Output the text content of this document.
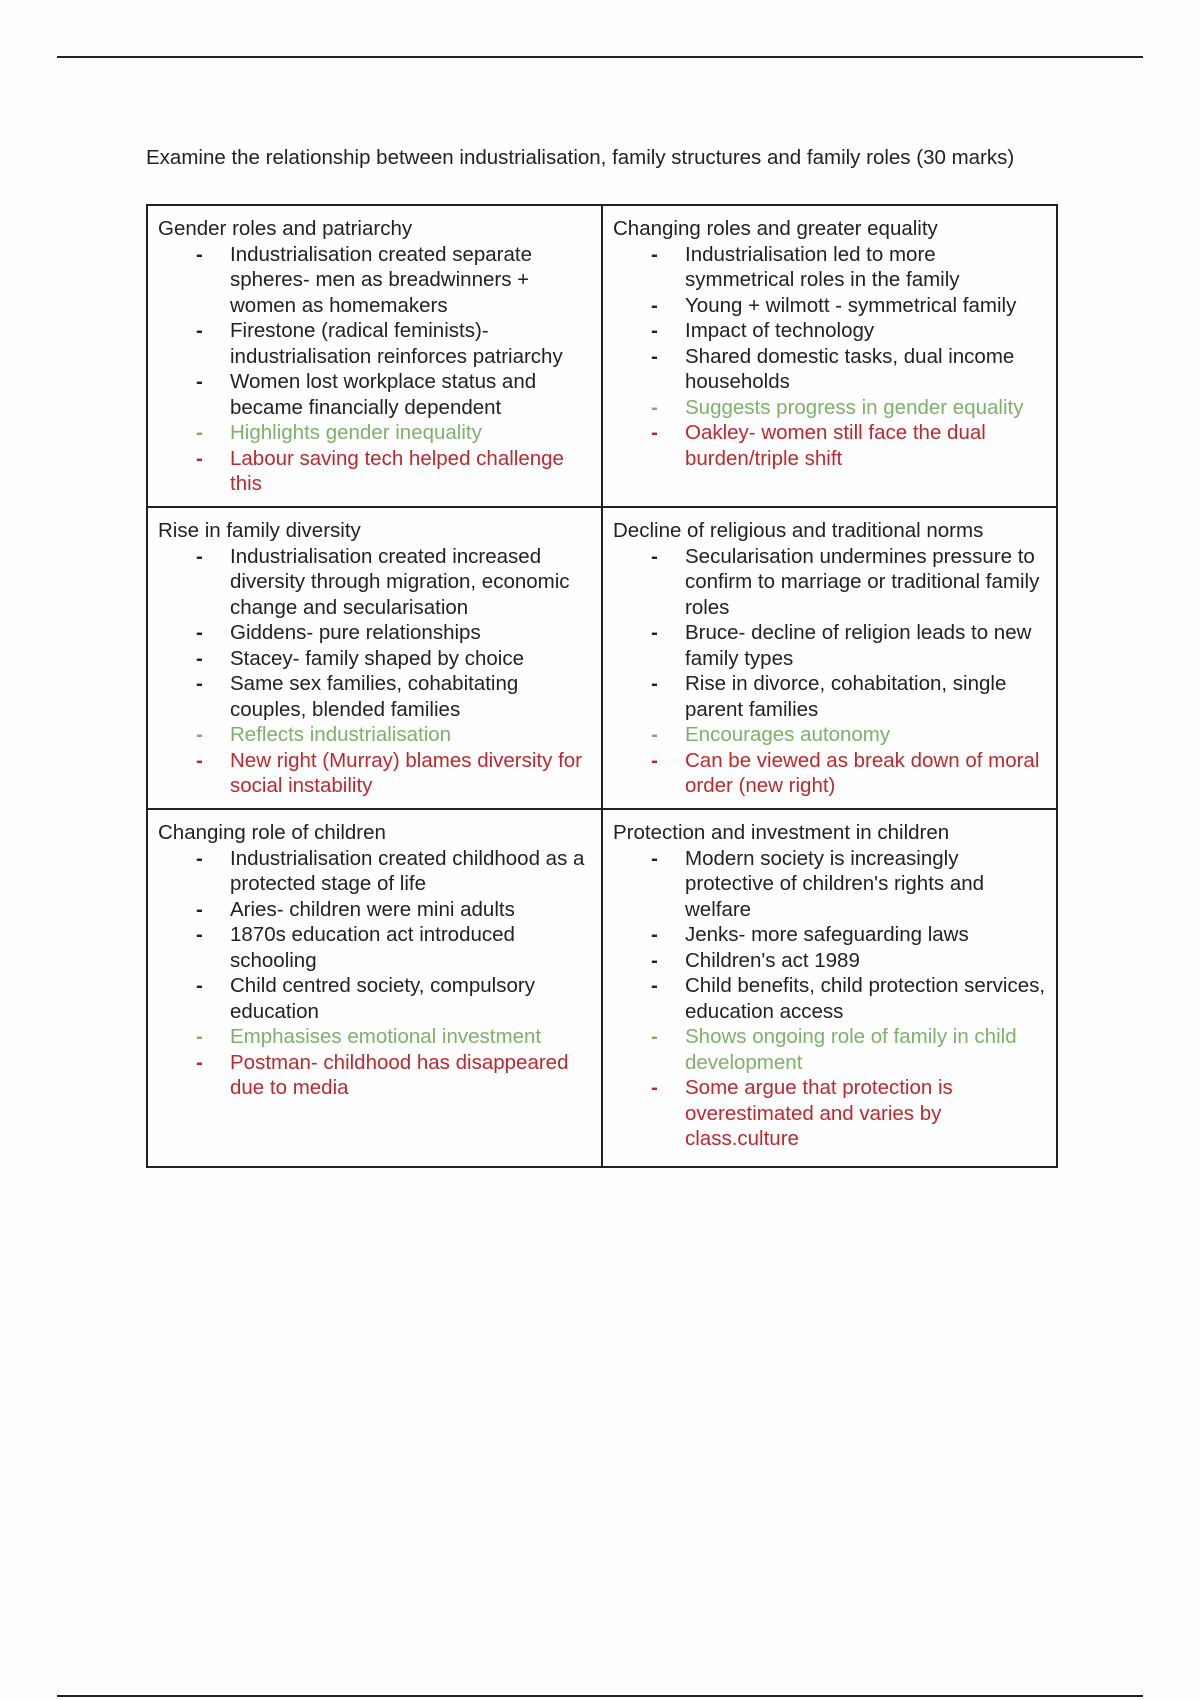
Examine the relationship between industrialisation, family structures and family roles (30 marks)

Gender roles and patriarchy

- Industrialisation created separate spheres- men as breadwinners + women as homemakers
- Firestone (radical feminists)- industrialisation reinforces patriarchy
- Women lost workplace status and became financially dependent
- Highlights gender inequality
- Labour saving tech helped challenge this

Changing roles and greater equality

- Industrialisation led to more symmetrical roles in the family
- Young + wilmott - symmetrical family
- Impact of technology
- Shared domestic tasks, dual income households
- Suggests progress in gender equality
- Oakley- women still face the dual burden/triple shift

Rise in family diversity

- Industrialisation created increased diversity through migration, economic change and secularisation
- Giddens- pure relationships
- Stacey- family shaped by choice
- Same sex families, cohabitating couples, blended families
- Reflects industrialisation
- New right (Murray) blames diversity for social instability

Decline of religious and traditional norms

- Secularisation undermines pressure to confirm to marriage or traditional family roles
- Bruce- decline of religion leads to new family types
- Rise in divorce, cohabitation, single parent families
- Encourages autonomy
- Can be viewed as break down of moral order (new right)

Changing role of children

- Industrialisation created childhood as a protected stage of life
- Aries- children were mini adults
- 1870s education act introduced schooling
- Child centred society, compulsory education
- Emphasises emotional investment
- Postman- childhood has disappeared due to media

Protection and investment in children

- Modern society is increasingly protective of children's rights and welfare
- Jenks- more safeguarding laws
- Children's act 1989
- Child benefits, child protection services, education access
- Shows ongoing role of family in child development
- Some argue that protection is overestimated and varies by class.culture
